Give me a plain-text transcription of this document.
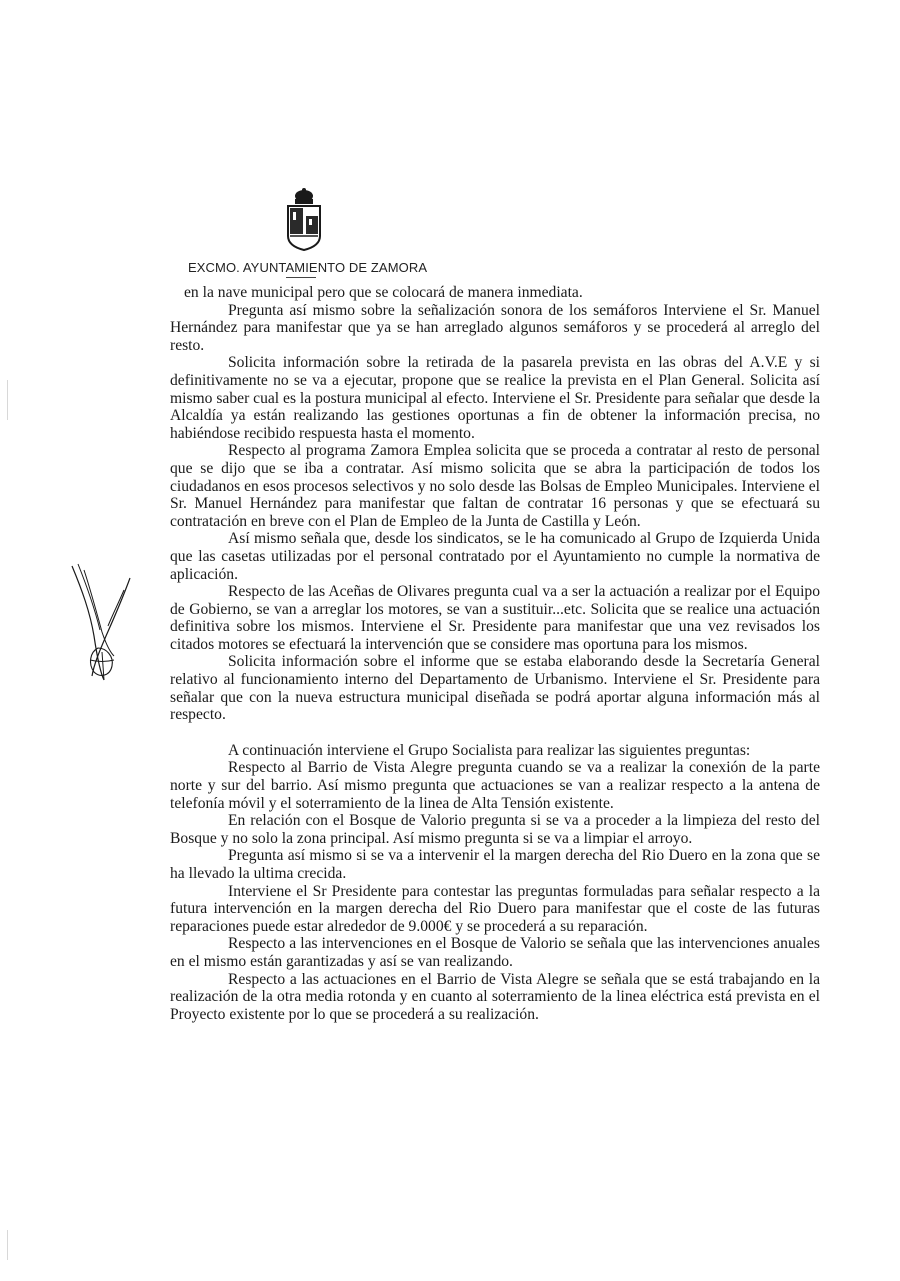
EXCMO. AYUNTAMIENTO DE ZAMORA

en la nave municipal pero que se colocará de manera inmediata.

Pregunta así mismo sobre la señalización sonora de los semáforos Interviene el Sr. Manuel Hernández para manifestar que ya se han arreglado algunos semáforos y se procederá al arreglo del resto.

Solicita información sobre la retirada de la pasarela prevista en las obras del A.V.E y si definitivamente no se va a ejecutar, propone que se realice la prevista en el Plan General. Solicita así mismo saber cual es la postura municipal al efecto. Interviene el Sr. Presidente para señalar que desde la Alcaldía ya están realizando las gestiones oportunas a fin de obtener la información precisa, no habiéndose recibido respuesta hasta el momento.

Respecto al programa Zamora Emplea solicita que se proceda a contratar al resto de personal que se dijo que se iba a contratar. Así mismo solicita que se abra la participación de todos los ciudadanos en esos procesos selectivos y no solo desde las Bolsas de Empleo Municipales. Interviene el Sr. Manuel Hernández para manifestar que faltan de contratar 16 personas y que se efectuará su contratación en breve con el Plan de Empleo de la Junta de Castilla y León.

Así mismo señala que, desde los sindicatos, se le ha comunicado al Grupo de Izquierda Unida que las casetas utilizadas por el personal contratado por el Ayuntamiento no cumple la normativa de aplicación.

Respecto de las Aceñas de Olivares pregunta cual va a ser la actuación a realizar por el Equipo de Gobierno, se van a arreglar los motores, se van a sustituir...etc. Solicita que se realice una actuación definitiva sobre los mismos. Interviene el Sr. Presidente para manifestar que una vez revisados los citados motores se efectuará la intervención que se considere mas oportuna para los mismos.

Solicita información sobre el informe que se estaba elaborando desde la Secretaría General relativo al funcionamiento interno del Departamento de Urbanismo. Interviene el Sr. Presidente para señalar que con la nueva estructura municipal diseñada se podrá aportar alguna información más al respecto.

A continuación interviene el Grupo Socialista para realizar las siguientes preguntas:

Respecto al Barrio de Vista Alegre pregunta cuando se va a realizar la conexión de la parte norte y sur del barrio. Así mismo pregunta que actuaciones se van a realizar respecto a la antena de telefonía móvil y el soterramiento de la linea de Alta Tensión existente.

En relación con el Bosque de Valorio pregunta si se va a proceder a la limpieza del resto del Bosque y no solo la zona principal. Así mismo pregunta si se va a limpiar el arroyo.

Pregunta así mismo si se va a intervenir el la margen derecha del Rio Duero en la zona que se ha llevado la ultima crecida.

Interviene el Sr Presidente para contestar las preguntas formuladas para señalar respecto a la futura intervención en la margen derecha del Rio Duero para manifestar que el coste de las futuras reparaciones puede estar alrededor de 9.000€ y se procederá a su reparación.

Respecto a las intervenciones en el Bosque de Valorio se señala que las intervenciones anuales en el mismo están garantizadas y así se van realizando.

Respecto a las actuaciones en el Barrio de Vista Alegre se señala que se está trabajando en la realización de la otra media rotonda y en cuanto al soterramiento de la linea eléctrica está prevista en el Proyecto existente por lo que se procederá a su realización.
